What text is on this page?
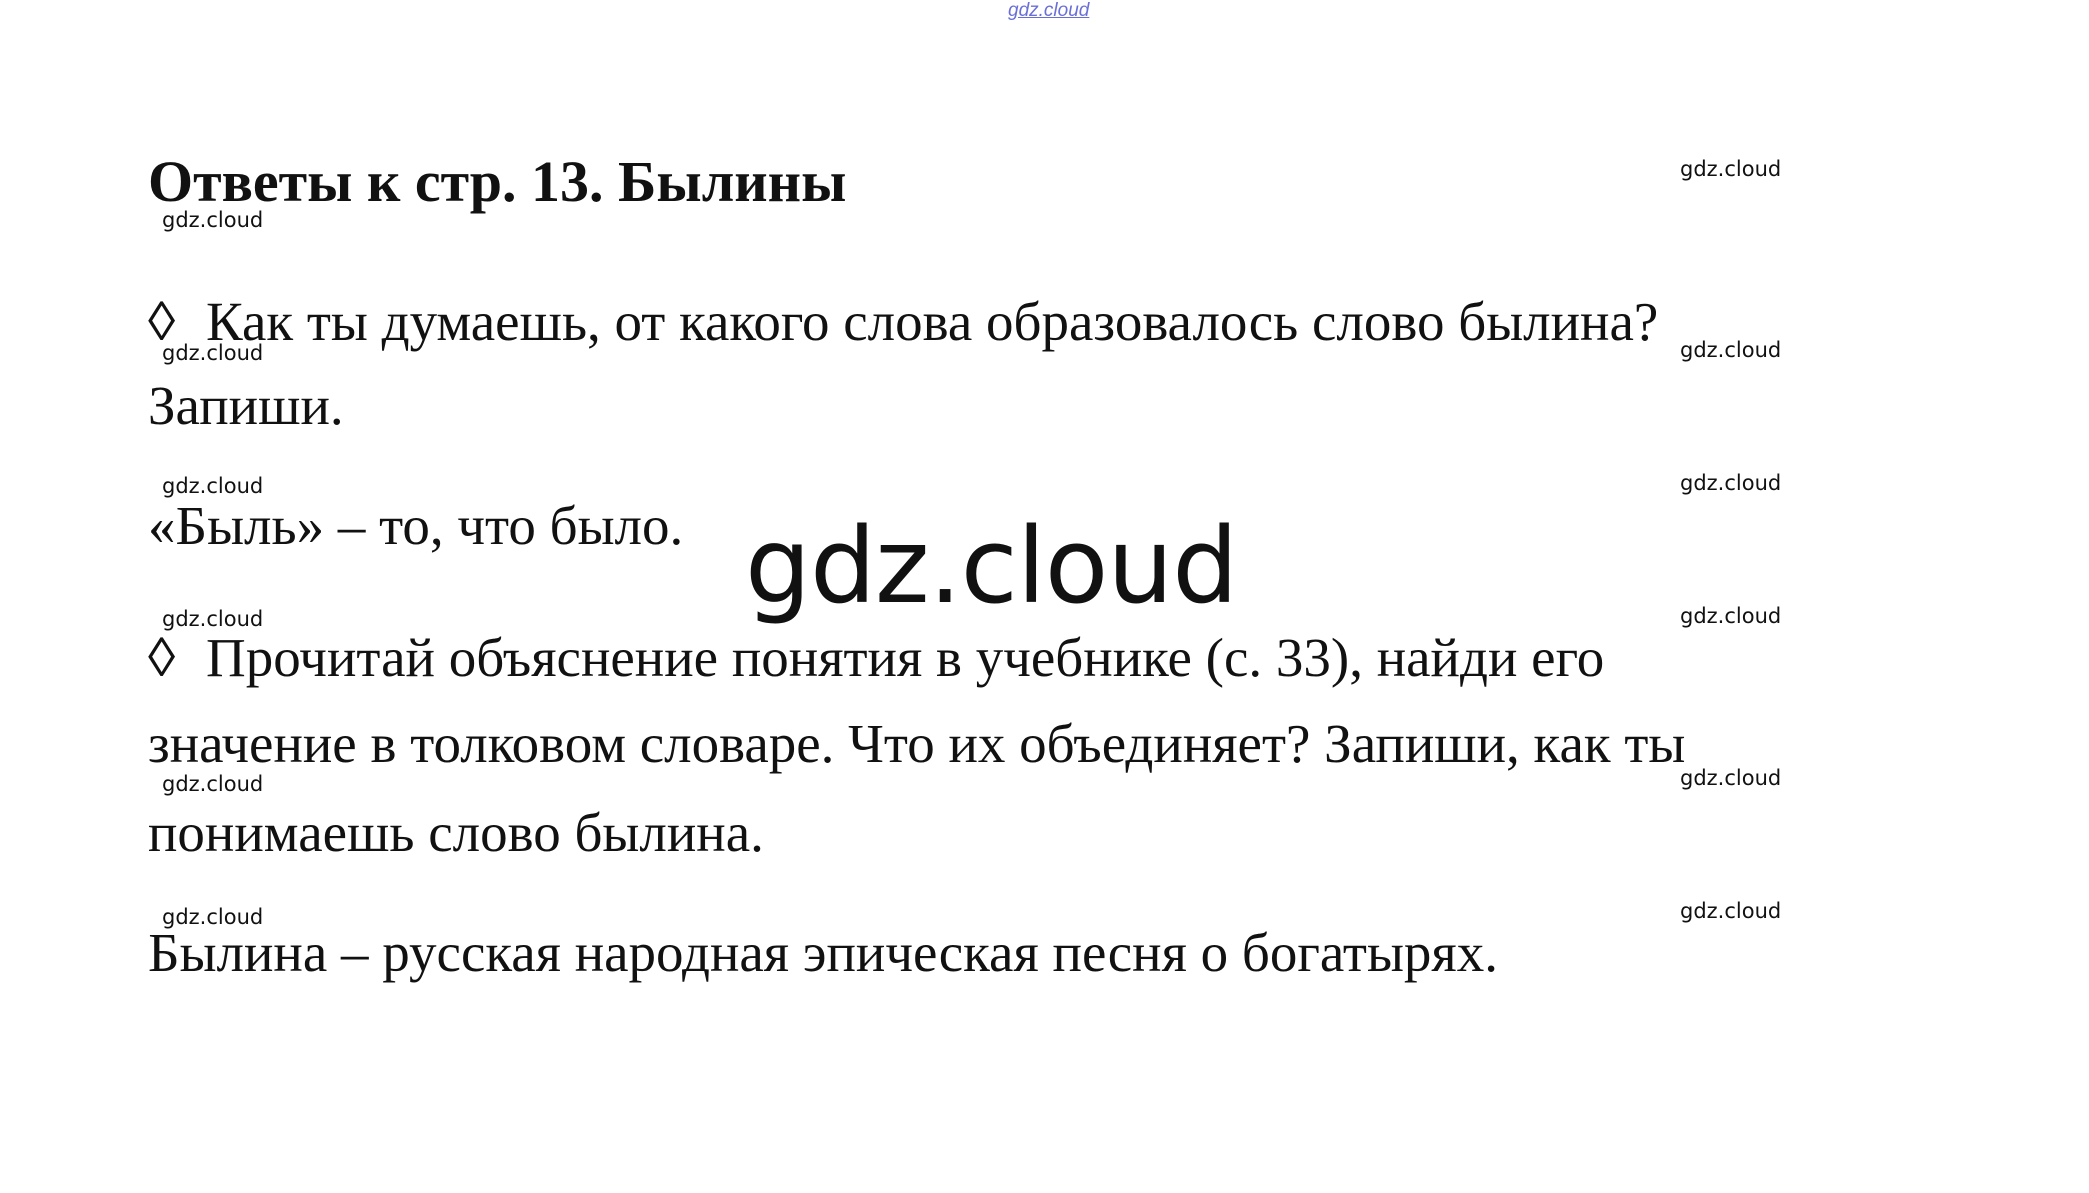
gdz.cloud
Ответы к стр. 13. Былины

◊ Как ты думаешь, от какого слова образовалось слово былина?

Запиши.

«Быль» – то, что было.

◊ Прочитай объяснение понятия в учебнике (с. 33), найди его

значение в толковом словаре. Что их объединяет? Запиши, как ты

понимаешь слово былина.

Былина – русская народная эпическая песня о богатырях.

gdz.cloud
gdz.cloud
gdz.cloud
gdz.cloud
gdz.cloud
gdz.cloud
gdz.cloud
gdz.cloud
gdz.cloud
gdz.cloud
gdz.cloud
gdz.cloud
gdz.cloud
